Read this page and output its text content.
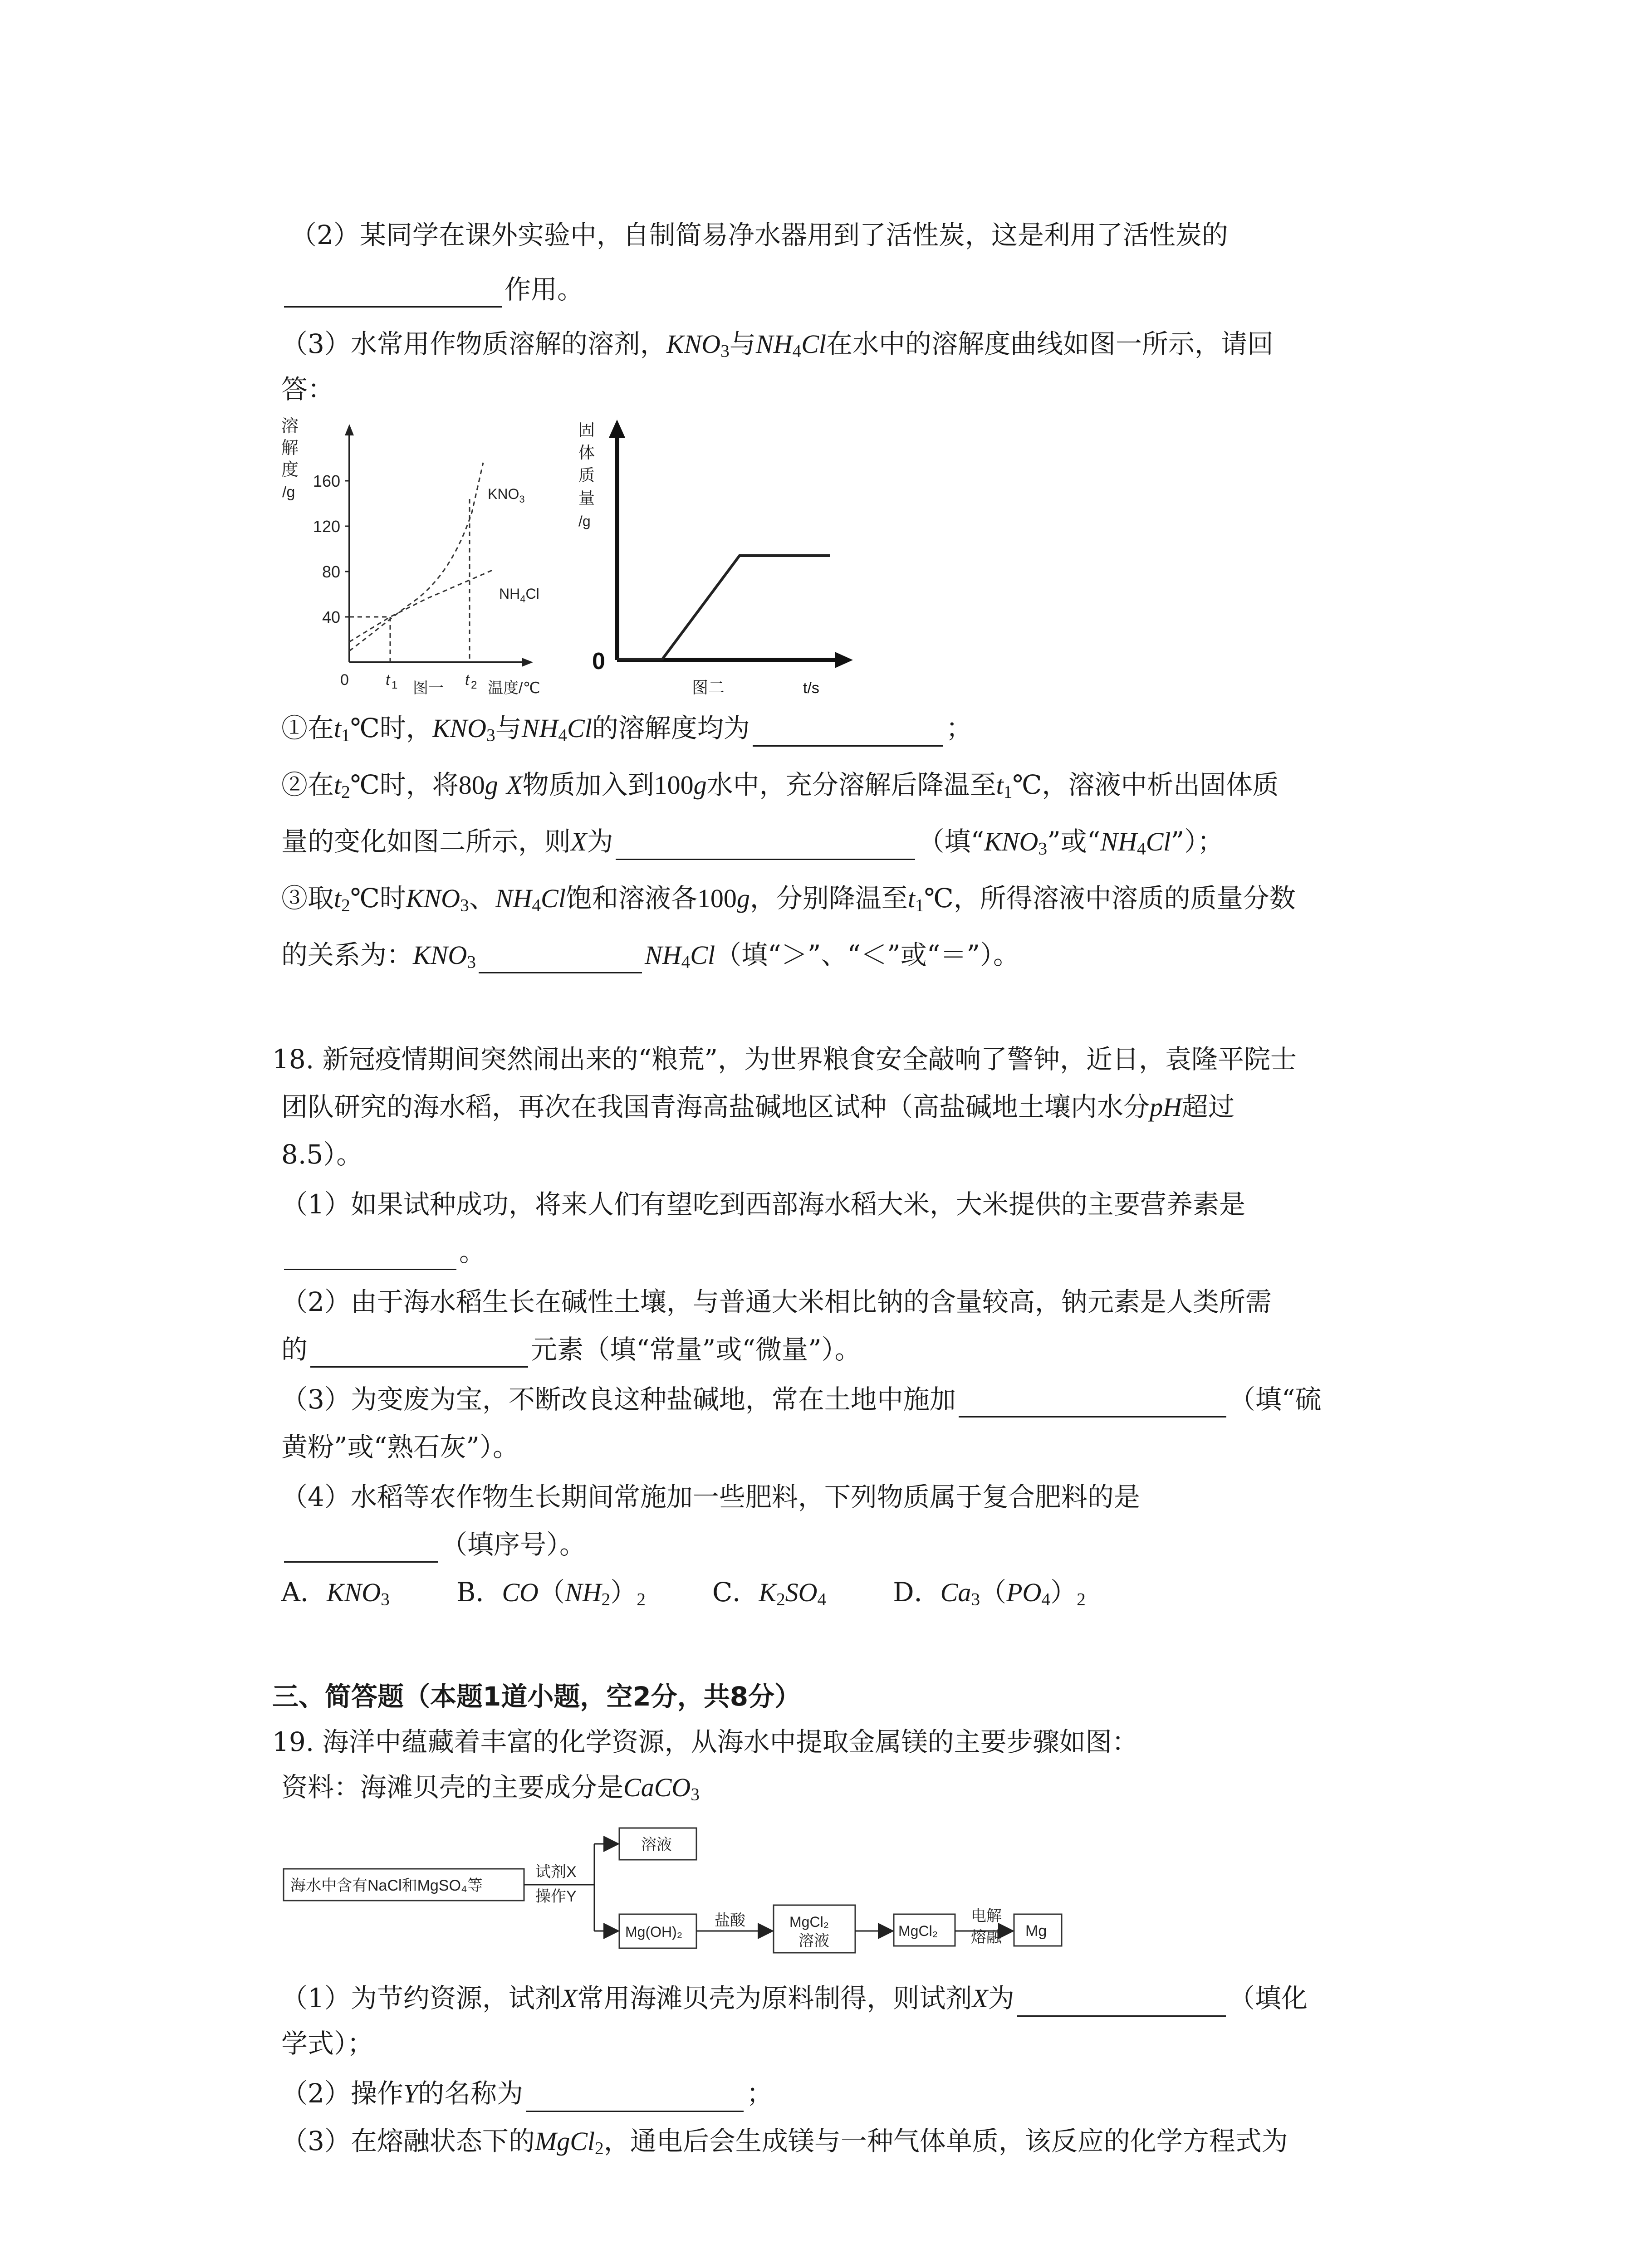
（2）某同学在课外实验中，自制简易净水器用到了活性炭，这是利用了活性炭的
作用。
（3）水常用作物质溶解的溶剂，$KNO_3$与$NH_4Cl$在水中的溶解度曲线如图一所示，请回
答：
溶
解
度
/g
160
120
80
40
0 t 1	t 2
$KNO_3$
$NH_4Cl$
图一	温度/℃
固
体
质
量
/g
0
图二	t/s
①在$t_1℃$时，$KNO_3$与$NH_4Cl$的溶解度均为	；
②在$t_2℃$时，将80g X物质加入到100g水中，充分溶解后降温至$t_1℃$，溶液中析出固体质
量的变化如图二所示，则X为	（填“$KNO_3$”或“$NH_4Cl$”）；
③取$t_2℃$时$KNO_3$、$NH_4Cl$饱和溶液各100g，分别降温至$t_1℃$，所得溶液中溶质的质量分数
的关系为：$KNO_3$	$NH_4Cl$（填“＞”、“＜”或“＝”）。
18. 新冠疫情期间突然闹出来的“粮荒”，为世界粮食安全敲响了警钟，近日，袁隆平院士
团队研究的海水稻，再次在我国青海高盐碱地区试种（高盐碱地土壤内水分pH超过
8.5）。
（1）如果试种成功，将来人们有望吃到西部海水稻大米，大米提供的主要营养素是
。
（2）由于海水稻生长在碱性土壤，与普通大米相比钠的含量较高，钠元素是人类所需
的	元素（填“常量”或“微量”）。
（3）为变废为宝，不断改良这种盐碱地，常在土地中施加	（填“硫
黄粉”或“熟石灰”）。
（4）水稻等农作物生长期间常施加一些肥料，下列物质属于复合肥料的是
（填序号）。
A．$KNO_3$	B．$CO(NH_2)_2$	C．$K_2SO_4$	D．$Ca_3(PO_4)_2$
三、简答题（本题1道小题，空2分，共8分）
19. 海洋中蕴藏着丰富的化学资源，从海水中提取金属镁的主要步骤如图：
资料：海滩贝壳的主要成分是CaCO$_3$
海水中含有NaCl和MgSO₄等
试剂X
操作Y
溶液
Mg(OH)₂
盐酸	MgCl₂
溶液
MgCl₂
电解
熔融 Mg
（1）为节约资源，试剂X常用海滩贝壳为原料制得，则试剂X为	（填化
学式）；
（2）操作Y的名称为	；
（3）在熔融状态下的MgCl$_2$，通电后会生成镁与一种气体单质，该反应的化学方程式为
